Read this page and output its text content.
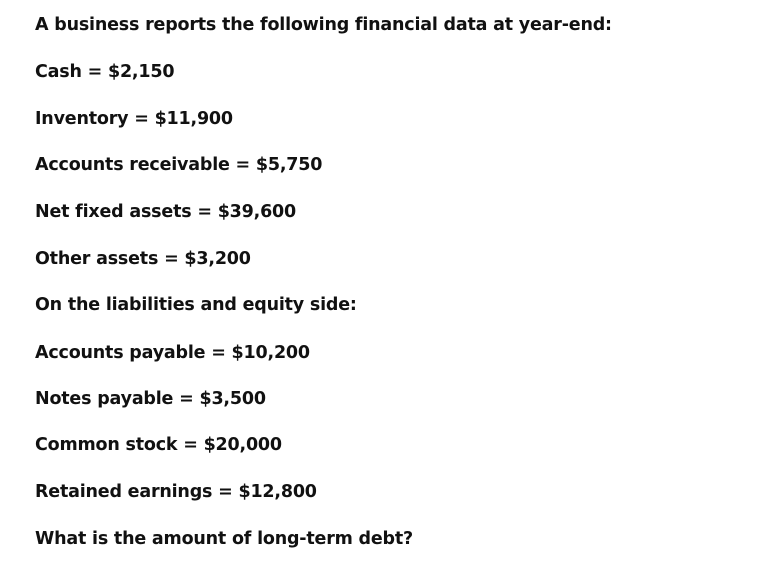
A business reports the following financial data at year-end:
Cash = $2,150
Inventory = $11,900
Accounts receivable = $5,750
Net fixed assets = $39,600
Other assets = $3,200
On the liabilities and equity side:
Accounts payable = $10,200
Notes payable = $3,500
Common stock = $20,000
Retained earnings = $12,800
What is the amount of long-term debt?
